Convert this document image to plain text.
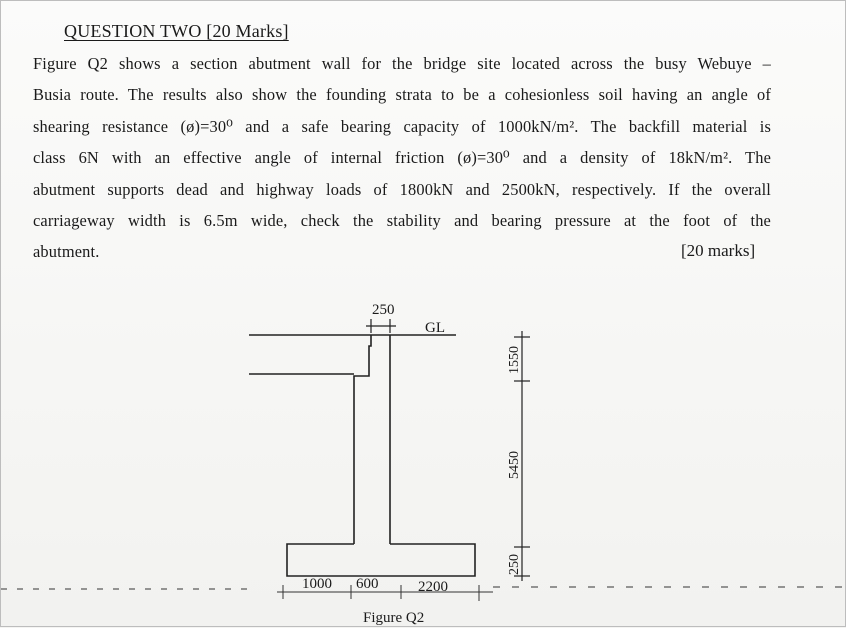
QUESTION TWO [20 Marks]
Figure Q2 shows a section abutment wall for the bridge site located across the busy Webuye –
Busia route. The results also show the founding strata to be a cohesionless soil having an angle of
shearing resistance (ø)=30⁰ and a safe bearing capacity of 1000kN/m². The backfill material is
class 6N with an effective angle of internal friction (ø)=30⁰ and a density of 18kN/m². The
abutment supports dead and highway loads of 1800kN and 2500kN, respectively. If the overall
carriageway width is 6.5m wide, check the stability and bearing pressure at the foot of the
abutment.	[20 marks]
250
GL
1550
5450
250
1000 600	2200
Figure Q2
